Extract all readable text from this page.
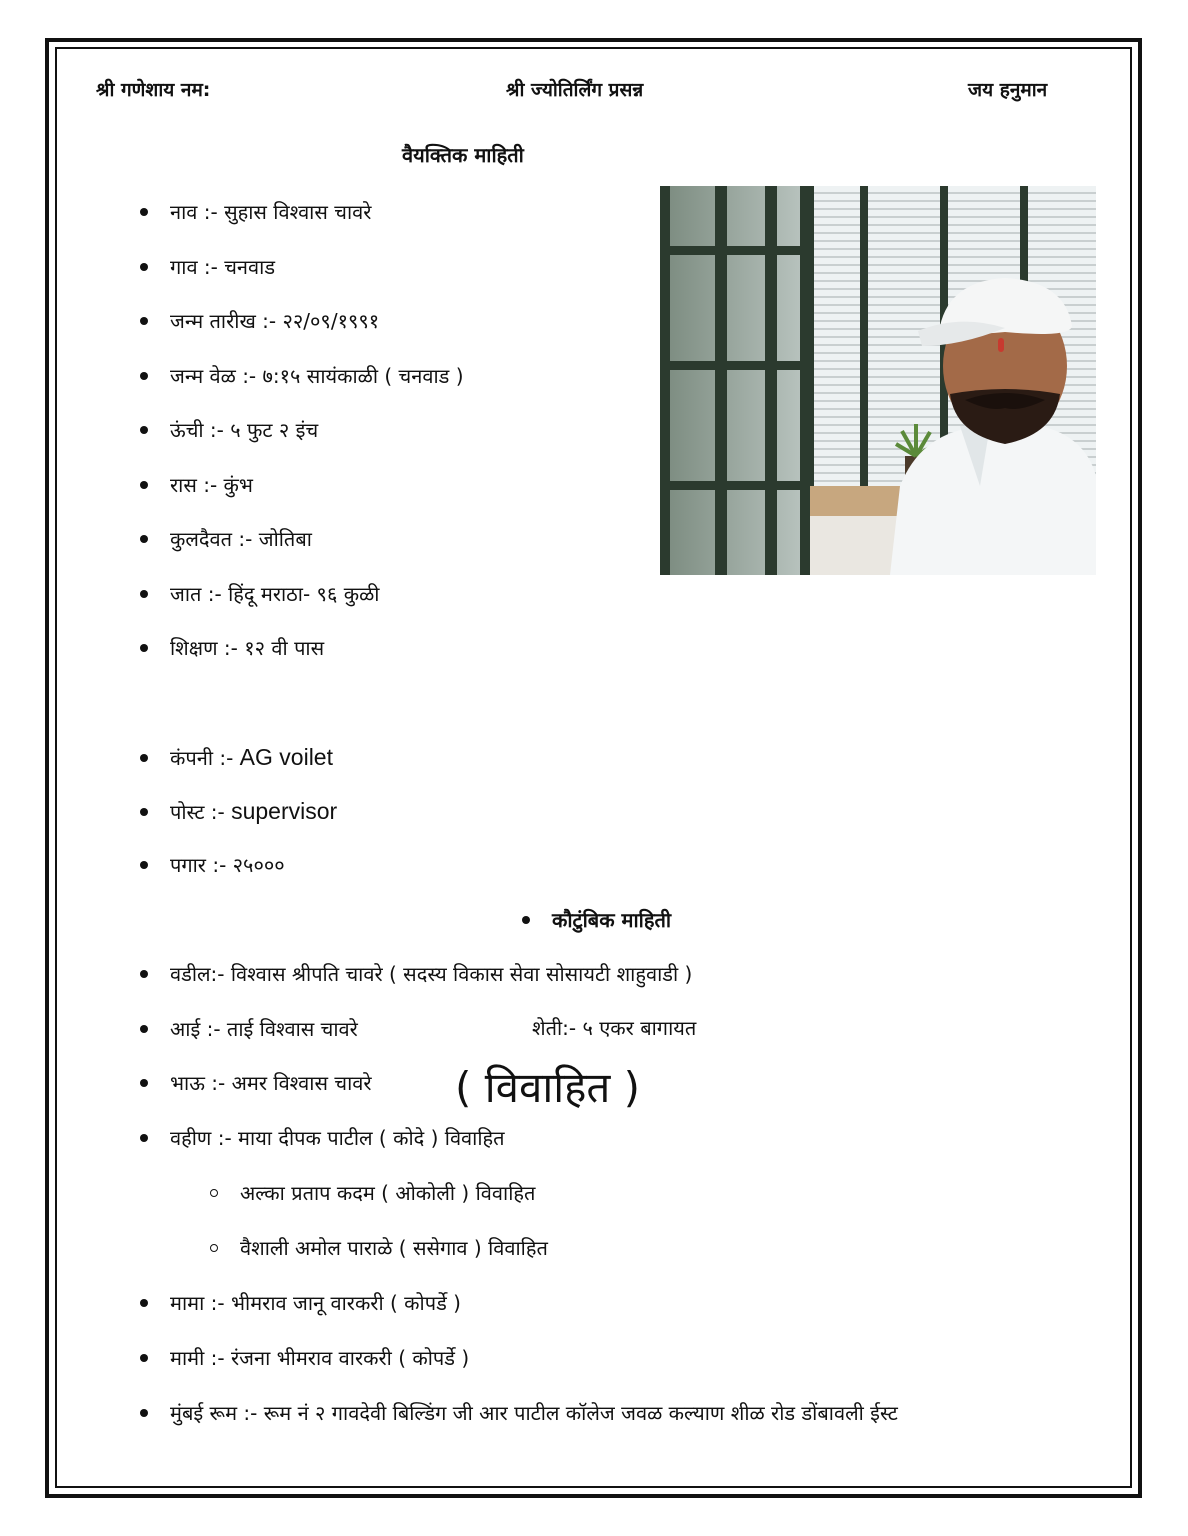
श्री गणेशाय नम:	श्री ज्योतिर्लिंग प्रसन्न	जय हनुमान
वैयक्तिक माहिती
नाव :- सुहास विश्वास चावरे
गाव :- चनवाड
जन्म तारीख :- २२/०९/१९९१
जन्म वेळ :- ७:१५ सायंकाळी ( चनवाड )
ऊंची :- ५ फुट २ इंच
रास :- कुंभ
कुलदैवत :- जोतिबा
जात :- हिंदू मराठा- ९६ कुळी
शिक्षण :- १२ वी पास
कंपनी :- AG voilet
पोस्ट :- supervisor
पगार :- २५०००
कौटुंबिक माहिती
वडील:- विश्वास श्रीपति चावरे ( सदस्य विकास सेवा सोसायटी शाहुवाडी )
आई :- ताई विश्वास चावरे	शेती:- ५ एकर बागायत
भाऊ :- अमर विश्वास चावरे ( विवाहित )
वहीण :- माया दीपक पाटील ( कोदे ) विवाहित
अल्का प्रताप कदम ( ओकोली ) विवाहित
वैशाली अमोल पाराळे ( ससेगाव ) विवाहित
मामा :- भीमराव जानू वारकरी ( कोपर्डे )
मामी :- रंजना भीमराव वारकरी ( कोपर्डे )
मुंबई रूम :- रूम नं २ गावदेवी बिल्डिंग जी आर पाटील कॉलेज जवळ कल्याण शीळ रोड डोंबावली ईस्ट
